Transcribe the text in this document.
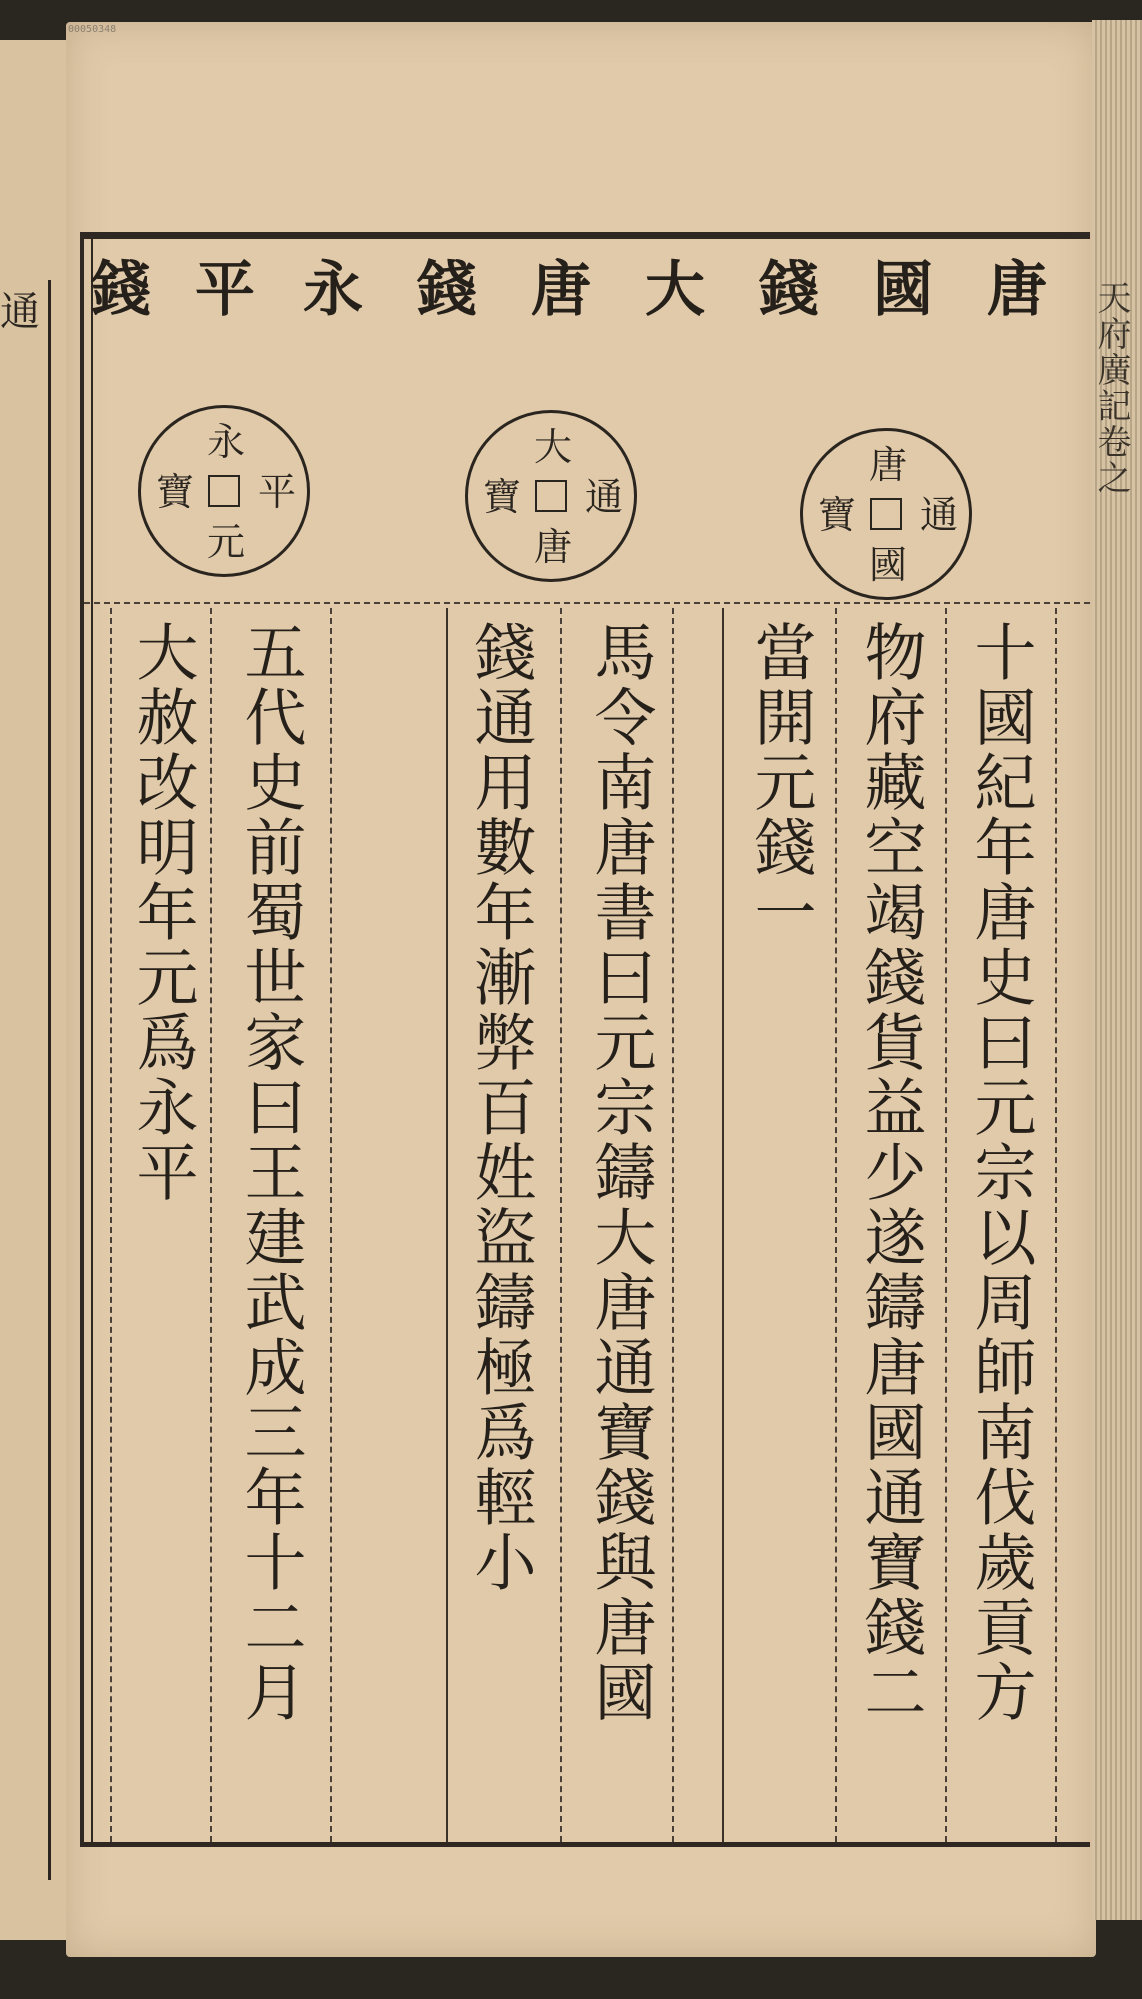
通
00050348
天府廣記卷之
唐
國
錢
大
唐
錢
永
平
錢
唐
通
國
寶
大
通
唐
寶
永
平
元
寶
十國紀年唐史曰元宗以周師南伐歲貢方
物府藏空竭錢貨益少遂鑄唐國通寶錢二
當開元錢一
馬令南唐書曰元宗鑄大唐通寶錢與唐國
錢通用數年漸弊百姓盜鑄極爲輕小
五代史前蜀世家曰王建武成三年十二月
大赦改明年元爲永平
